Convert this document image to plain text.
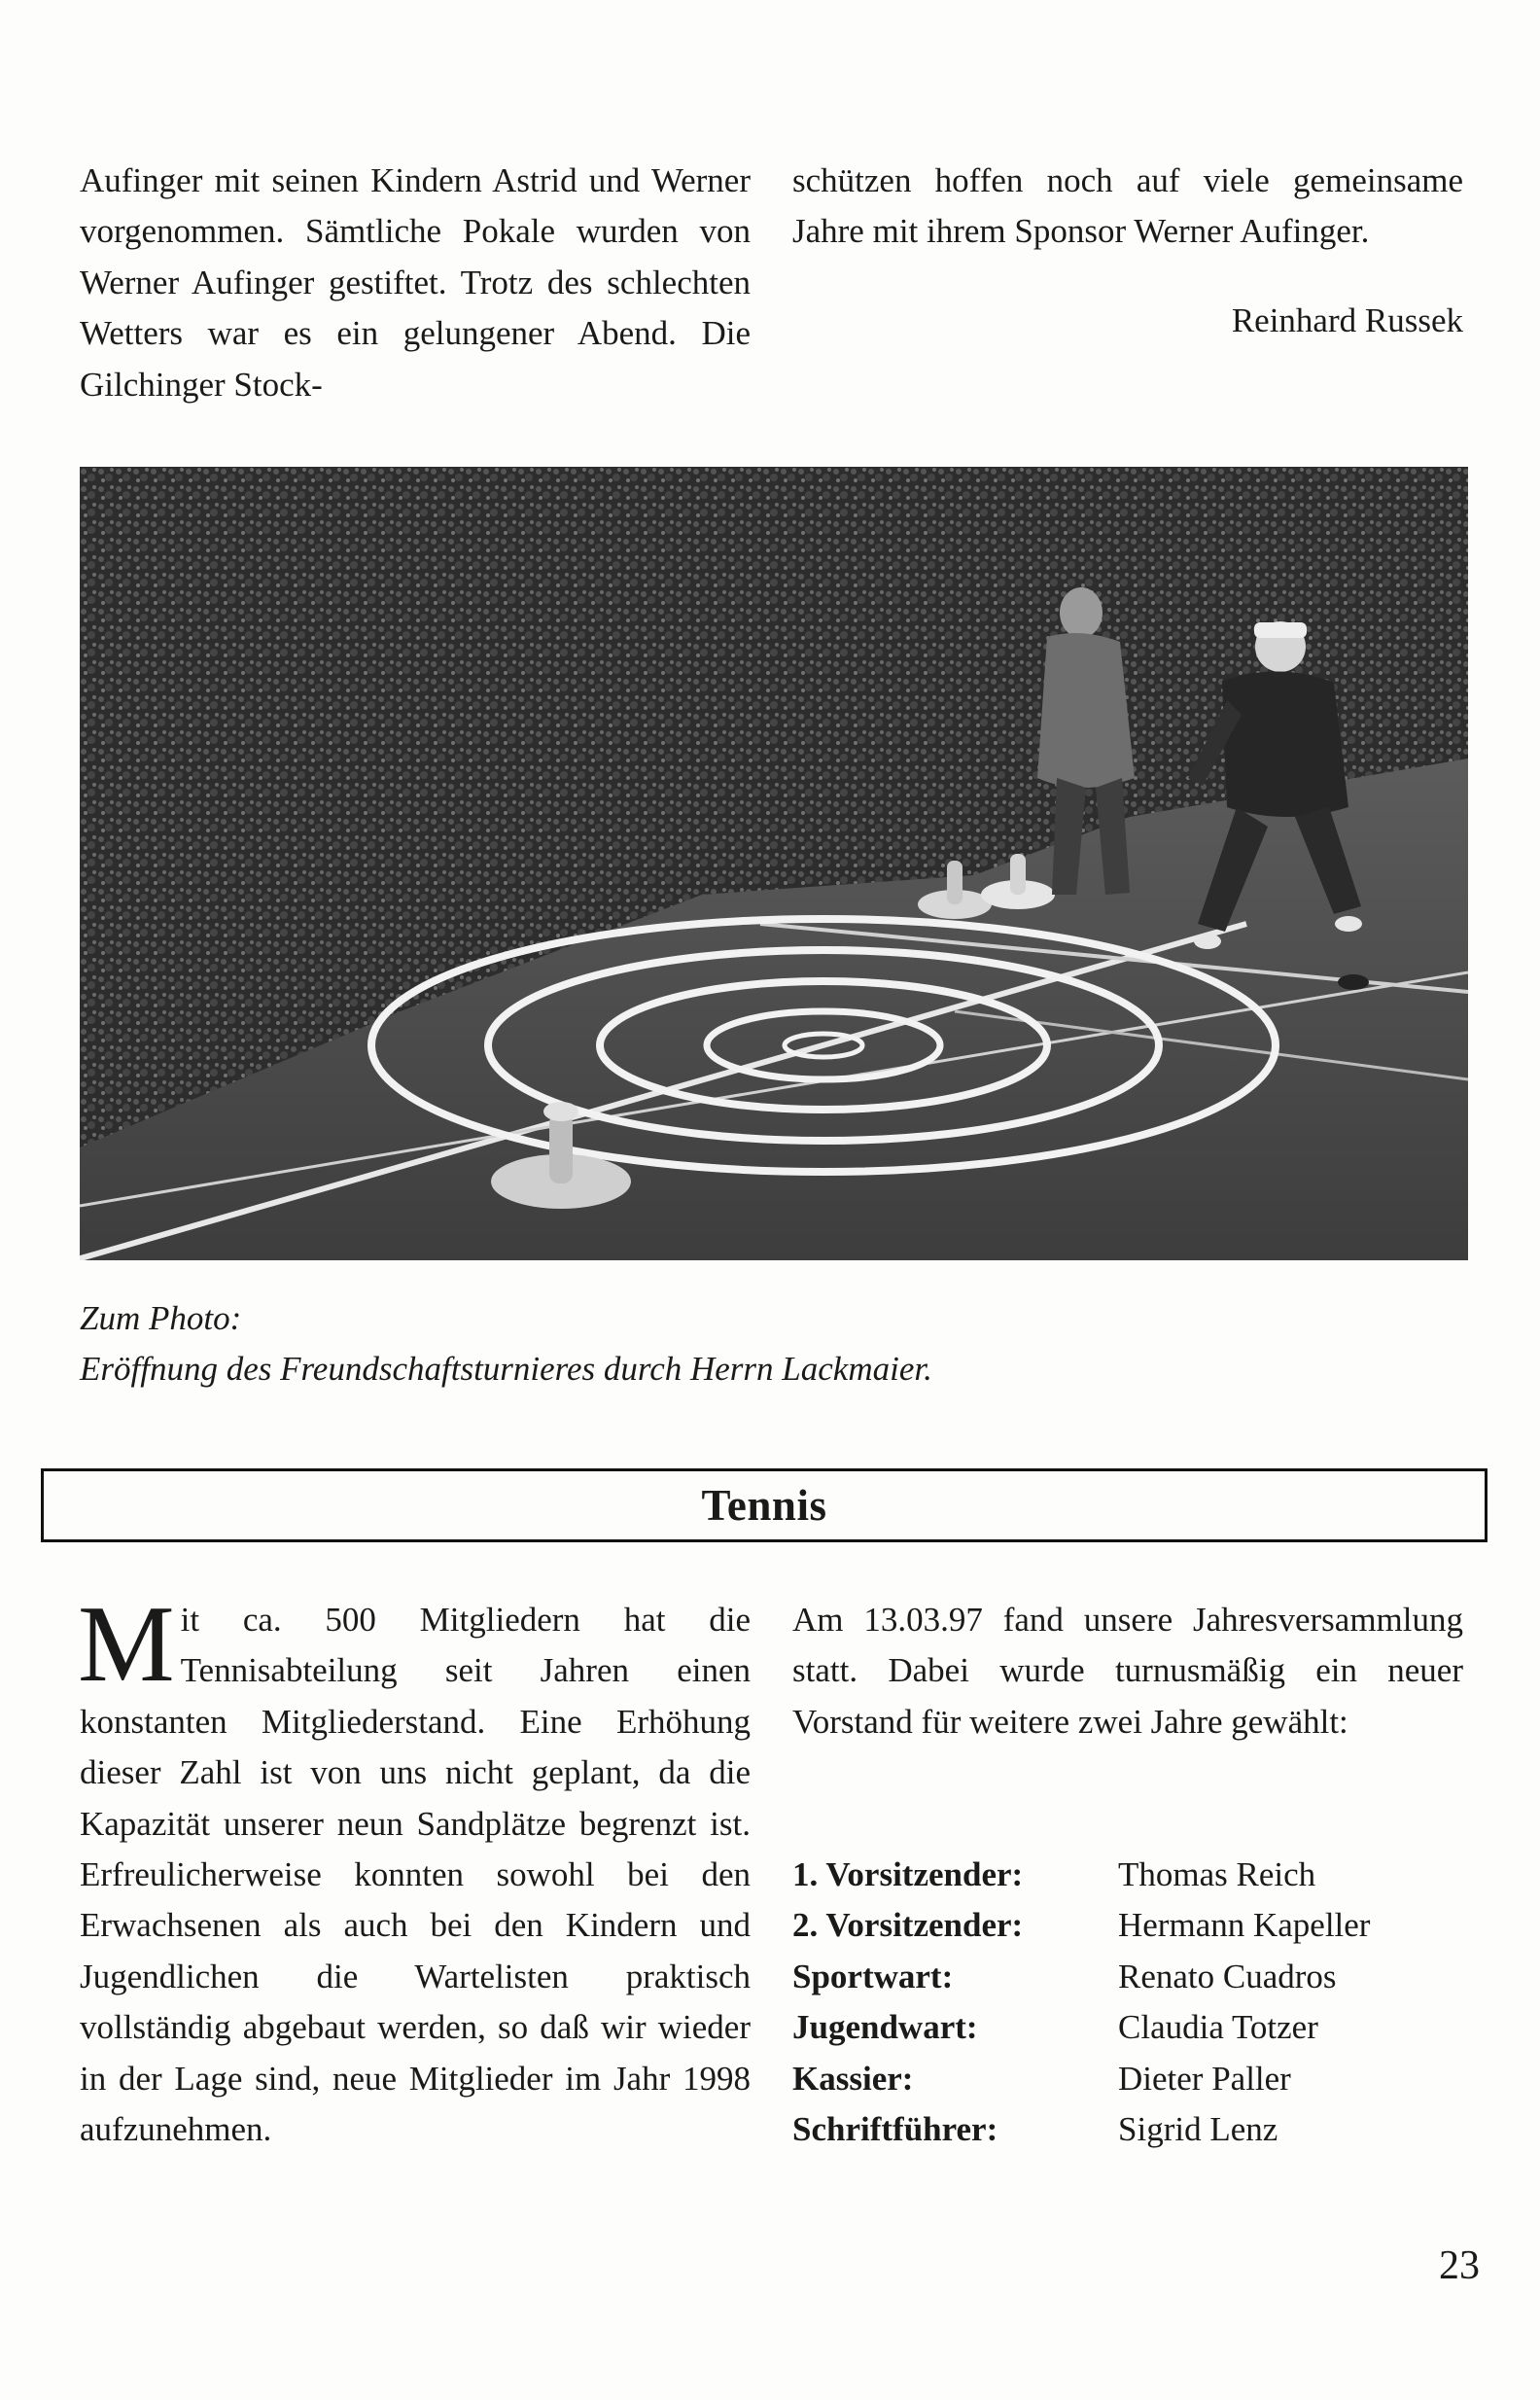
Aufinger mit seinen Kindern Astrid und Werner vorgenommen. Sämtliche Pokale wurden von Werner Aufinger gestiftet. Trotz des schlechten Wetters war es ein gelungener Abend. Die Gilchinger Stock-

schützen hoffen noch auf viele gemeinsame Jahre mit ihrem Sponsor Werner Aufinger.

Reinhard Russek
Zum Photo:
Eröffnung des Freundschaftsturnieres durch Herrn Lackmaier.
Tennis

Mit ca. 500 Mitgliedern hat die Tennisabteilung seit Jahren einen konstanten Mitgliederstand. Eine Erhöhung dieser Zahl ist von uns nicht geplant, da die Kapazität unserer neun Sandplätze begrenzt ist. Erfreulicherweise konnten sowohl bei den Erwachsenen als auch bei den Kindern und Jugendlichen die Wartelisten praktisch vollständig abgebaut werden, so daß wir wieder in der Lage sind, neue Mitglieder im Jahr 1998 aufzunehmen.

Am 13.03.97 fand unsere Jahresversammlung statt. Dabei wurde turnusmäßig ein neuer Vorstand für weitere zwei Jahre gewählt:

1. Vorsitzender:	Thomas Reich
2. Vorsitzender:	Hermann Kapeller
Sportwart:	Renato Cuadros
Jugendwart:	Claudia Totzer
Kassier:	Dieter Paller
Schriftführer:	Sigrid Lenz
23
